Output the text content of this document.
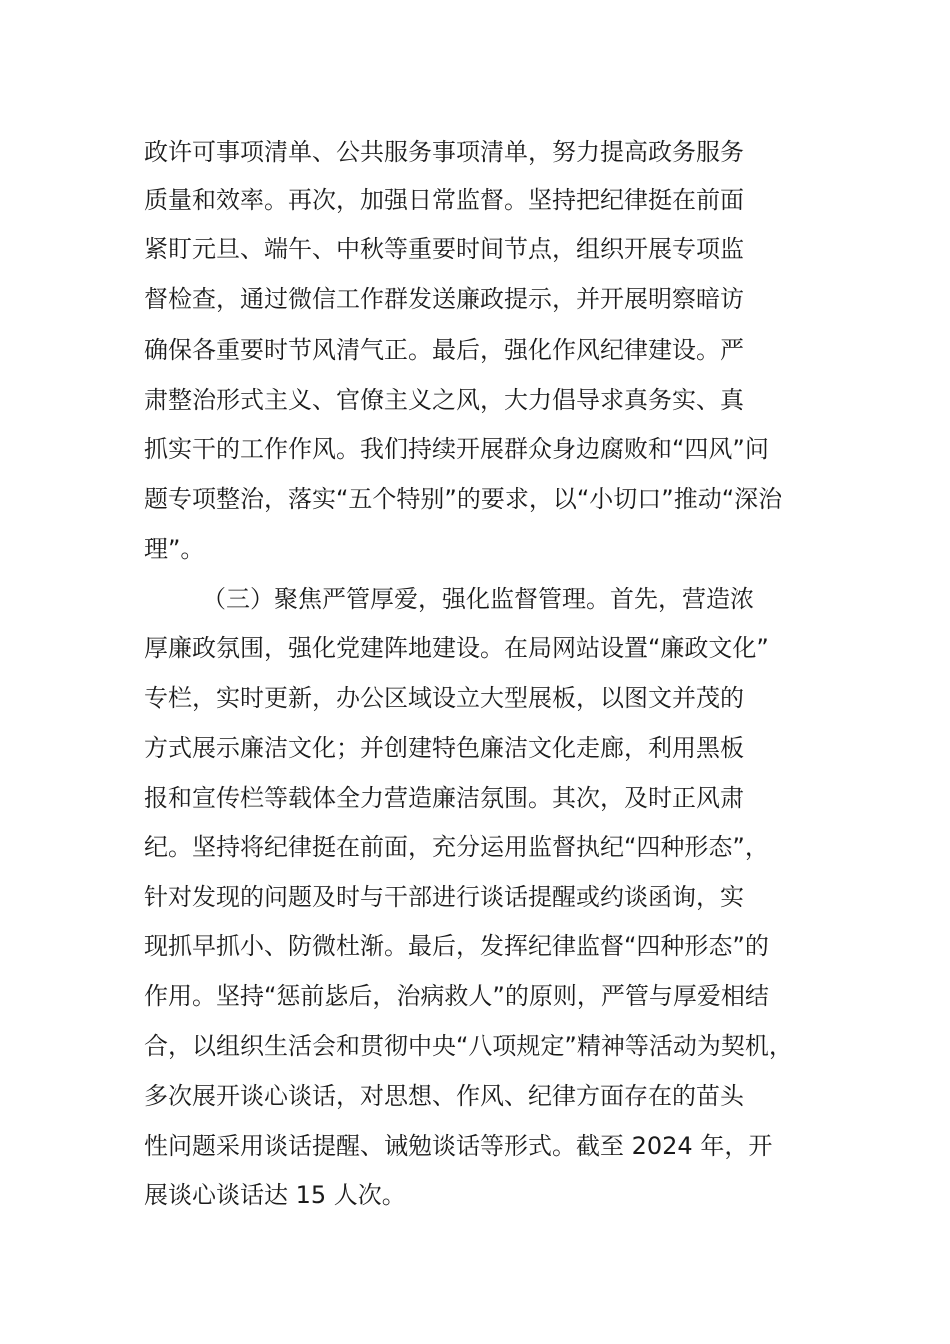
政许可事项清单、公共服务事项清单，努力提高政务服务

质量和效率。再次，加强日常监督。坚持把纪律挺在前面

紧盯元旦、端午、中秋等重要时间节点，组织开展专项监

督检查，通过微信工作群发送廉政提示，并开展明察暗访

确保各重要时节风清气正。最后，强化作风纪律建设。严

肃整治形式主义、官僚主义之风，大力倡导求真务实、真

抓实干的工作作风。我们持续开展群众身边腐败和“四风”问

题专项整治，落实“五个特别”的要求，以“小切口”推动“深治

理”。

（三）聚焦严管厚爱，强化监督管理。首先，营造浓

厚廉政氛围，强化党建阵地建设。在局网站设置“廉政文化”

专栏，实时更新，办公区域设立大型展板，以图文并茂的

方式展示廉洁文化；并创建特色廉洁文化走廊，利用黑板

报和宣传栏等载体全力营造廉洁氛围。其次，及时正风肃

纪。坚持将纪律挺在前面，充分运用监督执纪“四种形态”，

针对发现的问题及时与干部进行谈话提醒或约谈函询，实

现抓早抓小、防微杜渐。最后，发挥纪律监督“四种形态”的

作用。坚持“惩前毖后，治病救人”的原则，严管与厚爱相结

合，以组织生活会和贯彻中央“八项规定”精神等活动为契机，

多次展开谈心谈话，对思想、作风、纪律方面存在的苗头

性问题采用谈话提醒、诫勉谈话等形式。截至 2024 年，开

展谈心谈话达 15 人次。
